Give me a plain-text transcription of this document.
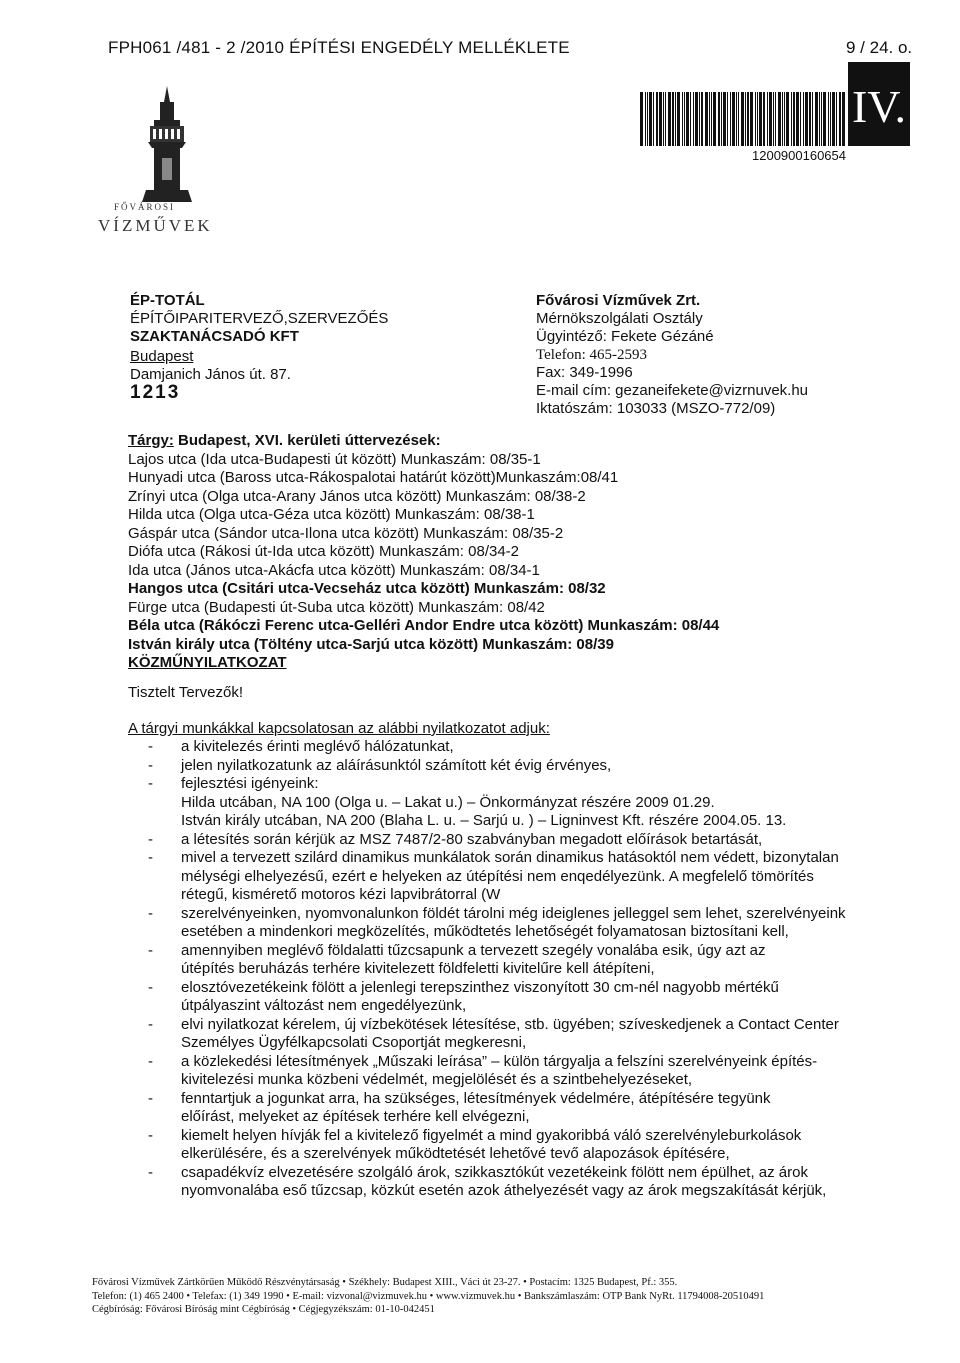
FPH061 /481 - 2 /2010 ÉPÍTÉSI ENGEDÉLY MELLÉKLETE	9 / 24. o.
FŐVÁROSI
VÍZMŰVEK
IV.
1200900160654
ÉP-TOTÁL
ÉPÍTŐIPARITERVEZŐ,SZERVEZŐÉS
SZAKTANÁCSADÓ KFT
Budapest
Damjanich János út. 87.
1213
Fővárosi Vízművek Zrt.
Mérnökszolgálati Osztály
Ügyintéző: Fekete Gézáné
Telefon: 465-2593
Fax: 349-1996
E-mail cím: gezaneifekete@vizrnuvek.hu
Iktatószám: 103033 (MSZO-772/09)
Tárgy: Budapest, XVI. kerületi úttervezések:
Lajos utca (Ida utca-Budapesti út között) Munkaszám: 08/35-1
Hunyadi utca (Baross utca-Rákospalotai határút között)Munkaszám:08/41
Zrínyi utca (Olga utca-Arany János utca között) Munkaszám: 08/38-2
Hilda utca (Olga utca-Géza utca között) Munkaszám: 08/38-1
Gáspár utca (Sándor utca-Ilona utca között) Munkaszám: 08/35-2
Diófa utca (Rákosi út-Ida utca között) Munkaszám: 08/34-2
Ida utca (János utca-Akácfa utca között) Munkaszám: 08/34-1
Hangos utca (Csitári utca-Vecseház utca között) Munkaszám: 08/32
Fürge utca (Budapesti út-Suba utca között) Munkaszám: 08/42
Béla utca (Rákóczi Ferenc utca-Gelléri Andor Endre utca között) Munkaszám: 08/44
István király utca (Töltény utca-Sarjú utca között) Munkaszám: 08/39
KÖZMŰNYILATKOZAT
Tisztelt Tervezők!
A tárgyi munkákkal kapcsolatosan az alábbi nyilatkozatot adjuk:
- a kivitelezés érinti meglévő hálózatunkat,
- jelen nyilatkozatunk az aláírásunktól számított két évig érvényes,
- fejlesztési igényeink:
Hilda utcában, NA 100 (Olga u. – Lakat u.) – Önkormányzat részére 2009 01.29.
István király utcában, NA 200 (Blaha L. u. – Sarjú u. ) – Ligninvest Kft. részére 2004.05. 13.
- a létesítés során kérjük az MSZ 7487/2-80 szabványban megadott előírások betartását,
- mivel a tervezett szilárd dinamikus munkálatok során dinamikus hatásoktól nem védett, bizonytalan mélységi elhelyezésű, ezért e helyeken az útépítési nem enqedélyezünk. A megfelelő tömörítés rétegű, kismérető motoros kézi lapvibrátorral (W
- szerelvényeinken, nyomvonalunkon földét tárolni még ideiglenes jelleggel sem lehet, szerelvényeink
esetében a mindenkori megközelítés, működtetés lehetőségét folyamatosan biztosítani kell,
- amennyiben meglévő földalatti tűzcsapunk a tervezett szegély vonalába esik, úgy azt az
útépítés beruházás terhére kivitelezett földfeletti kivitelűre kell átépíteni,
- elosztóvezetékeink fölött a jelenlegi terepszinthez viszonyított 30 cm-nél nagyobb mértékű
útpályaszint változást nem engedélyezünk,
- elvi nyilatkozat kérelem, új vízbekötések létesítése, stb. ügyében; szíveskedjenek a Contact Center
Személyes Ügyfélkapcsolati Csoportját megkeresni,
- a közlekedési létesítmények „Műszaki leírása” – külön tárgyalja a felszíni szerelvényeink építés-
kivitelezési munka közbeni védelmét, megjelölését és a szintbehelyezéseket,
- fenntartjuk a jogunkat arra, ha szükséges, létesítmények védelmére, átépítésére tegyünk
előírást, melyeket az építések terhére kell elvégezni,
- kiemelt helyen hívják fel a kivitelező figyelmét a mind gyakoribbá váló szerelvényleburkolások
elkerülésére, és a szerelvények működtetését lehetővé tevő alapozások építésére,
- csapadékvíz elvezetésére szolgáló árok, szikkasztókút vezetékeink fölött nem épülhet, az árok
nyomvonalába eső tűzcsap, közkút esetén azok áthelyezését vagy az árok megszakítását kérjük,
Fővárosi Vízművek Zártkörűen Működő Részvénytársaság • Székhely: Budapest XIII., Váci út 23-27. • Postacím: 1325 Budapest, Pf.: 355.
Telefon: (1) 465 2400 • Telefax: (1) 349 1990 • E-mail: vizvonal@vizmuvek.hu • www.vizmuvek.hu • Bankszámlaszám: OTP Bank NyRt. 11794008-20510491
Cégbíróság: Fővárosi Bíróság mint Cégbíróság • Cégjegyzékszám: 01-10-042451
